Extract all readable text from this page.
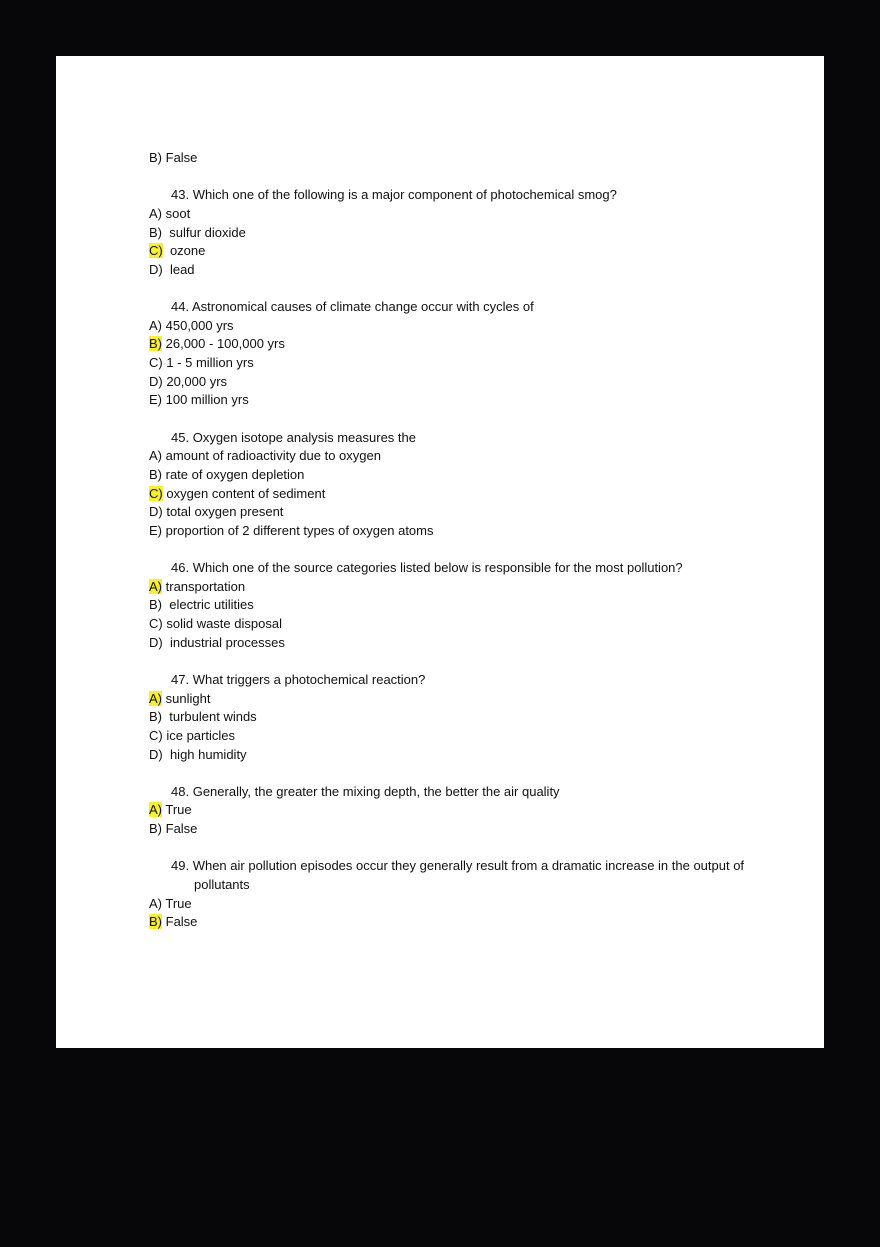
B) False
43. Which one of the following is a major component of photochemical smog?
A) soot
B)  sulfur dioxide
C)  ozone
D)  lead
44. Astronomical causes of climate change occur with cycles of
A) 450,000 yrs
B) 26,000 - 100,000 yrs
C) 1 - 5 million yrs
D) 20,000 yrs
E) 100 million yrs
45. Oxygen isotope analysis measures the
A) amount of radioactivity due to oxygen
B) rate of oxygen depletion
C) oxygen content of sediment
D) total oxygen present
E) proportion of 2 different types of oxygen atoms
46. Which one of the source categories listed below is responsible for the most pollution?
A) transportation
B)  electric utilities
C) solid waste disposal
D)  industrial processes
47. What triggers a photochemical reaction?
A) sunlight
B)  turbulent winds
C) ice particles
D)  high humidity
48. Generally, the greater the mixing depth, the better the air quality
A) True
B) False
49. When air pollution episodes occur they generally result from a dramatic increase in the output of pollutants
A) True
B) False
